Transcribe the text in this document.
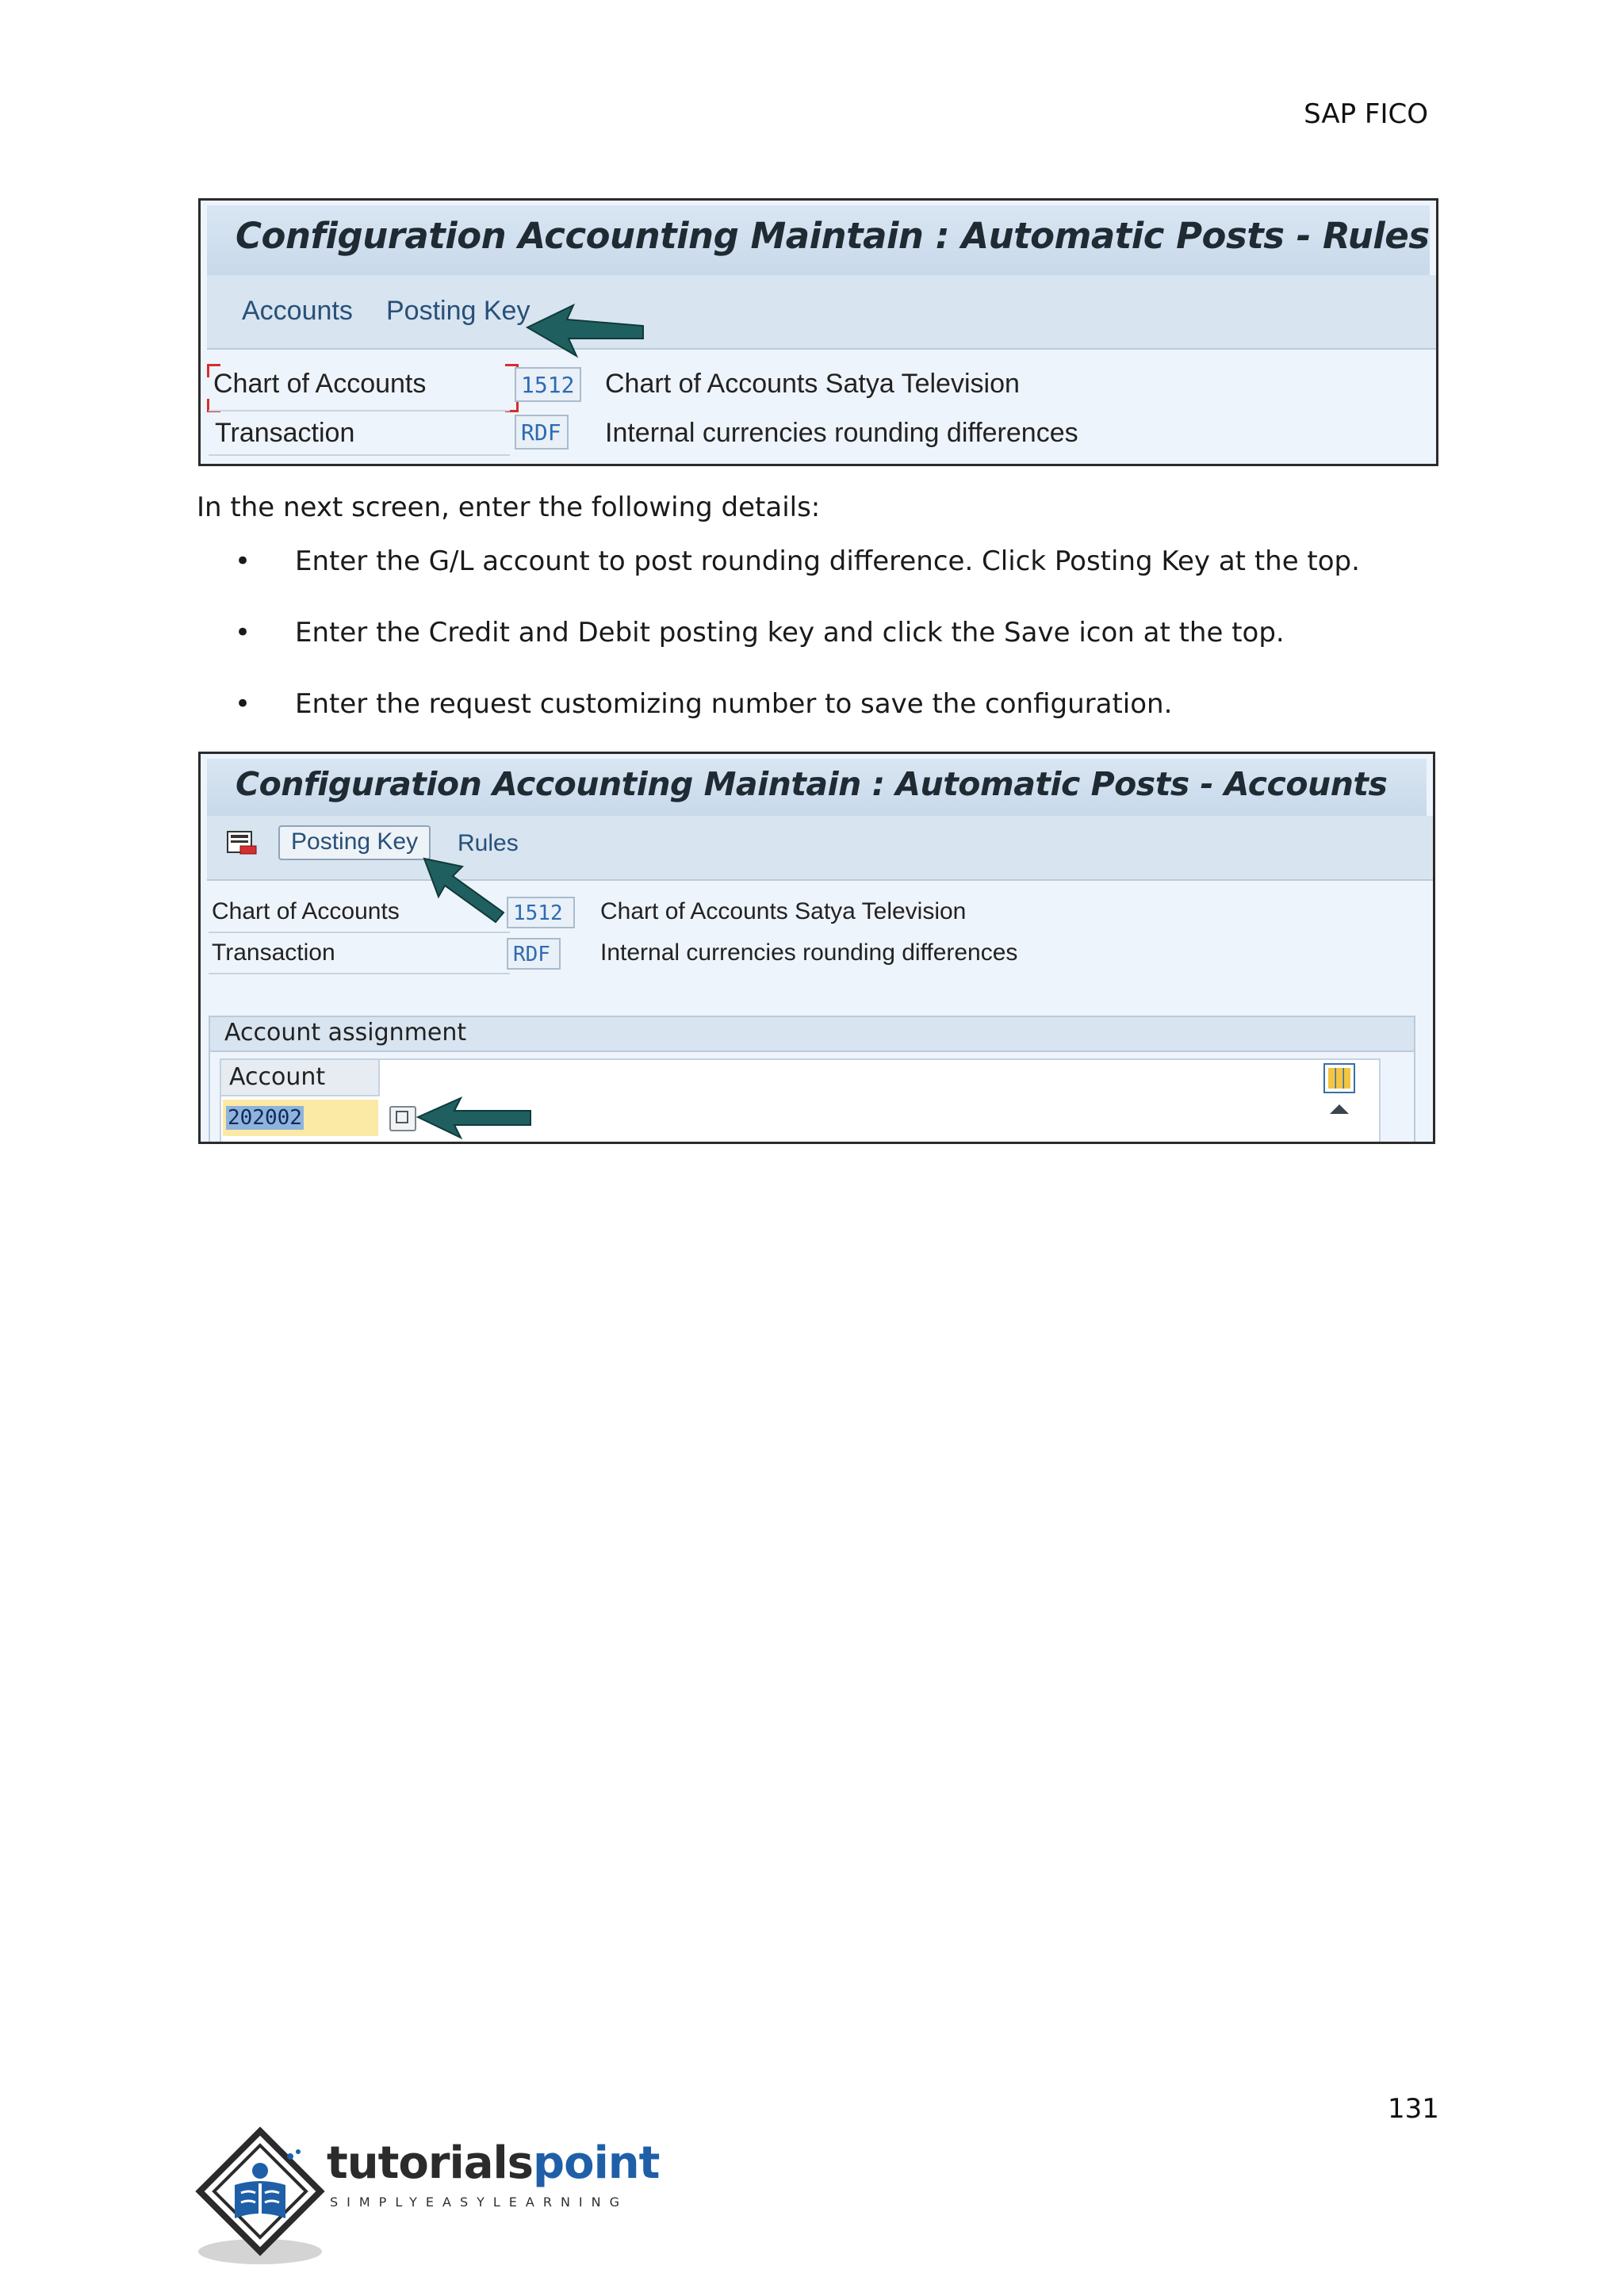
SAP FICO
Configuration Accounting Maintain : Automatic Posts - Rules
Accounts Posting Key
Chart of Accounts	1512 Chart of Accounts Satya Television
Transaction	RDF Internal currencies rounding differences
In the next screen, enter the following details:
• Enter the G/L account to post rounding difference. Click Posting Key at the top.
• Enter the Credit and Debit posting key and click the Save icon at the top.
• Enter the request customizing number to save the configuration.
Configuration Accounting Maintain : Automatic Posts - Accounts
Posting Key	Rules
Chart of Accounts	1512	Chart of Accounts Satya Television
Transaction	RDF	Internal currencies rounding differences
Account assignment
Account
202002
131
tutorialspoint
SIMPLYEASYLEARNING
